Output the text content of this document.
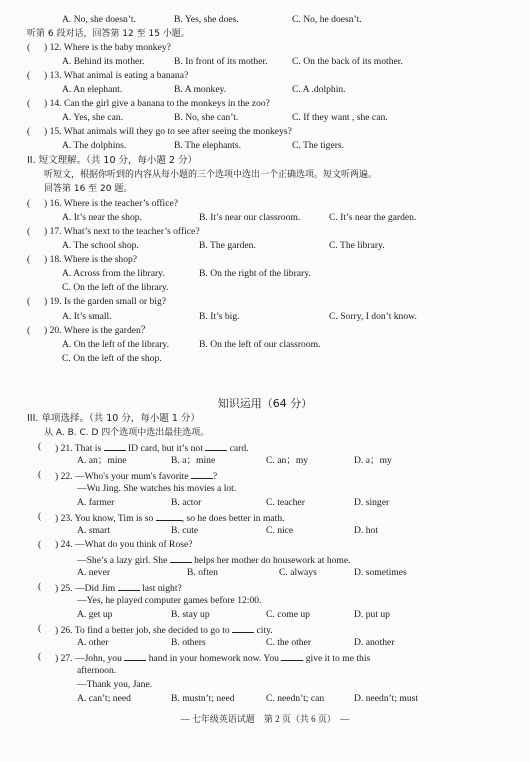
A. No, she doesn’t.	B. Yes, she does.	C. No, he doesn’t.
听第 6 段对话，回答第 12 至 15 小题。
( ) 12. Where is the baby monkey?
A. Behind its mother.	B. In front of its mother.	C. On the back of its mother.
( ) 13. What animal is eating a banana?
A. An elephant.	B. A monkey.	C. A .dolphin.
( ) 14. Can the girl give a banana to the monkeys in the zoo?
A. Yes, she can.	B. No, she can’t.	C. If they want , she can.
( ) 15. What animals will they go to see after seeing the monkeys?
A. The dolphins.	B. The elephants.	C. The tigers.
II. 短文理解。（共 10 分，每小题 2 分）
听短文，根据你听到的内容从每小题的三个选项中选出一个正确选项。短文听两遍。
回答第 16 至 20 题。
( ) 16. Where is the teacher’s office?
A. It’s near the shop.	B. It’s near our classroom.	C. It’s near the garden.
( ) 17. What’s next to the teacher’s office?
A. The school shop.	B. The garden.	C. The library.
( ) 18. Where is the shop?
A. Across from the library.	B. On the right of the library.
C. On the left of the library.
( ) 19. Is the garden small or big?
A. It’s small.	B. It’s big.	C. Sorry, I don’t know.
( ) 20. Where is the garden？
A. On the left of the library.	B. On the left of our classroom.
C. On the left of the shop.
知识运用（64 分）
III. 单项选择。（共 10 分，每小题 1 分）
从 A. B. C. D 四个选项中选出最佳选项。
( ) 21. That is  ID card, but it’s not  card.
A. an；mine	B. a；mine	C. an；my	D. a；my
( ) 22. —Who's your mum's favorite ?
—Wu Jing. She watches his movies a lot.
A. farmer	B. actor	C. teacher	D. singer
( ) 23. You know, Tim is so	, so he does better in math.
A. smart	B. cute	C. nice	D. hot
( ) 24. —What do you think of Rose?
—She’s a lazy girl. She  helps her mother do housework at home.
A. never	B. often	C. always	D. sometimes
( ) 25. —Did Jim  last night?
—Yes, he played computer games before 12:00.
A. get up	B. stay up	C. come up	D. put up
( ) 26. To find a better job, she decided to go to  city.
A. other	B. others	C. the other	D. another
( ) 27. —John, you  hand in your homework now. You  give it to me this
afternoon.
—Thank you, Jane.
A. can’t; need	B. mustn’t; need	C. needn’t; can	D. needn’t; must
— 七年级英语试题　第 2 页（共 6 页）　—
